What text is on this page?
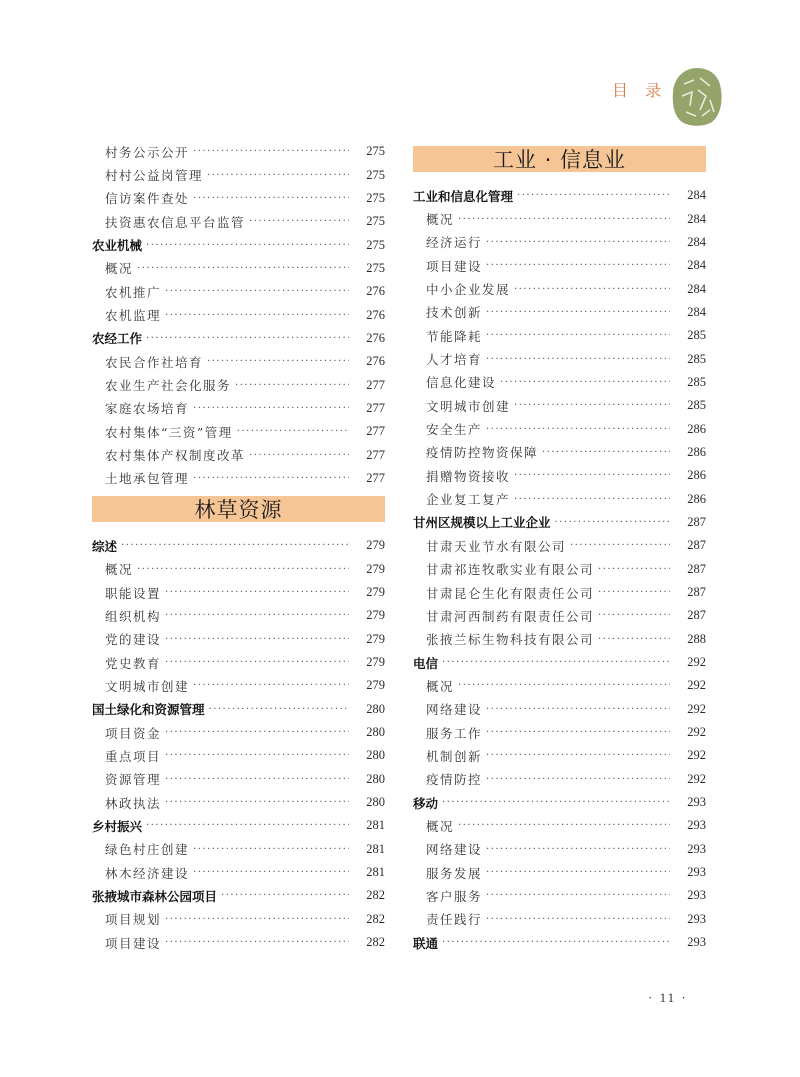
目 录
村务公示公开 ·····	275
村村公益岗管理 ·····	275
信访案件查处 ·····	275
扶资惠农信息平台监管 ·····	275
农业机械 ·····	275
概况 ·····	275
农机推广 ·····	276
农机监理 ·····	276
农经工作 ·····	276
农民合作社培育 ·····	276
农业生产社会化服务 ·····	277
家庭农场培育 ·····	277
农村集体“三资”管理 ·····	277
农村集体产权制度改革 ·····	277
土地承包管理 ·····	277
林草资源
综述 ·····	279
概况 ·····	279
职能设置 ·····	279
组织机构 ·····	279
党的建设 ·····	279
党史教育 ·····	279
文明城市创建 ·····	279
国土绿化和资源管理 ·····	280
项目资金 ·····	280
重点项目 ·····	280
资源管理 ·····	280
林政执法 ·····	280
乡村振兴 ·····	281
绿色村庄创建 ·····	281
林木经济建设 ·····	281
张掖城市森林公园项目 ·····	282
项目规划 ·····	282
项目建设 ·····	282
工业 · 信息业
工业和信息化管理 ·····	284
概况 ·····	284
经济运行 ·····	284
项目建设 ·····	284
中小企业发展 ·····	284
技术创新 ·····	284
节能降耗 ·····	285
人才培育 ·····	285
信息化建设 ·····	285
文明城市创建 ·····	285
安全生产 ·····	286
疫情防控物资保障 ·····	286
捐赠物资接收 ·····	286
企业复工复产 ·····	286
甘州区规模以上工业企业 ·····	287
甘肃天业节水有限公司 ·····	287
甘肃祁连牧歌实业有限公司 ·····	287
甘肃昆仑生化有限责任公司 ·····	287
甘肃河西制药有限责任公司 ·····	287
张掖兰标生物科技有限公司 ·····	288
电信 ·····	292
概况 ·····	292
网络建设 ·····	292
服务工作 ·····	292
机制创新 ·····	292
疫情防控 ·····	292
移动 ·····	293
概况 ·····	293
网络建设 ·····	293
服务发展 ·····	293
客户服务 ·····	293
责任践行 ·····	293
联通 ·····	293
· 11 ·
